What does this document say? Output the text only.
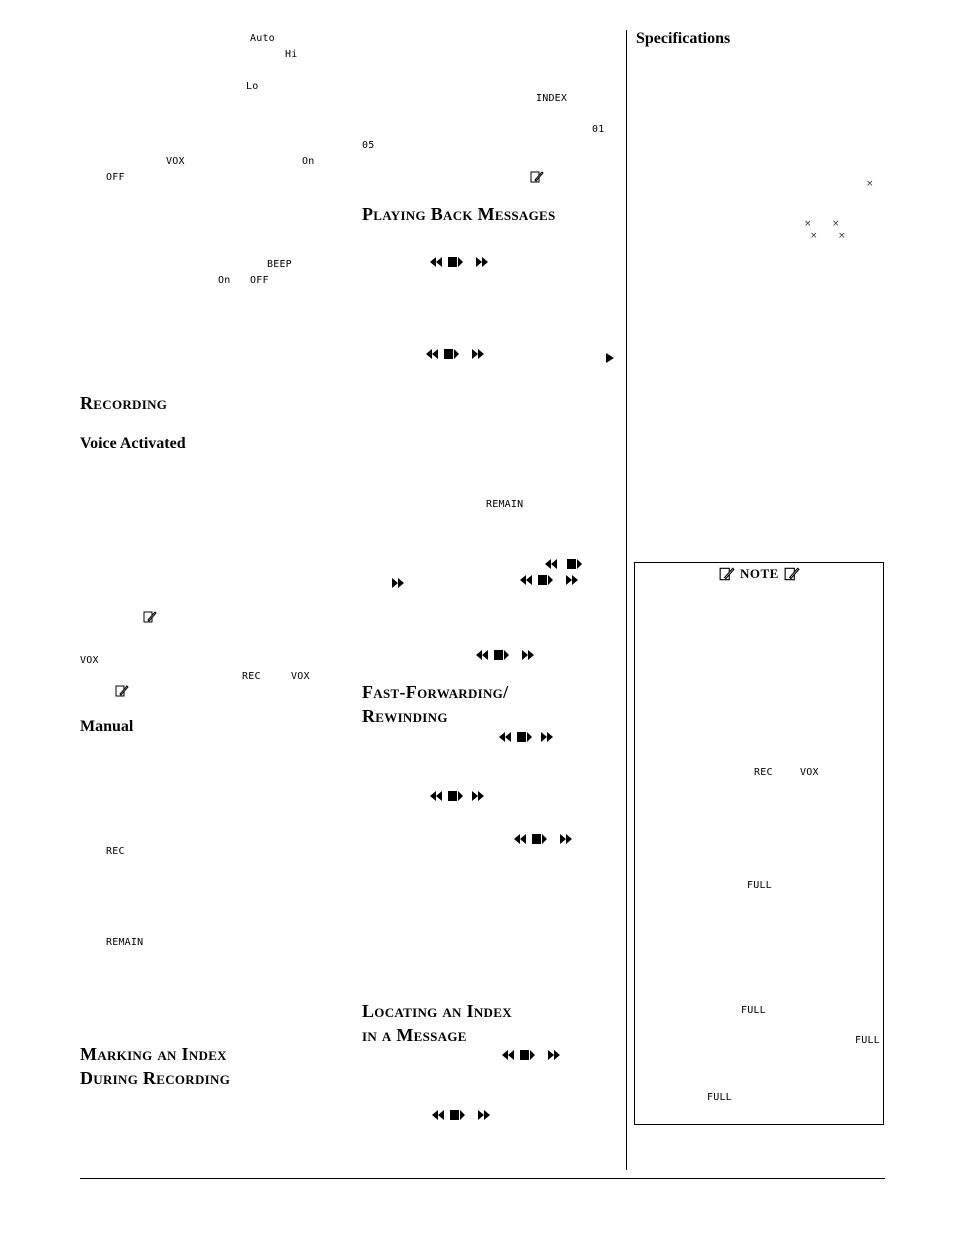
Auto
Hi
Lo
VOX	On
OFF
BEEP
On OFF
Recording
Voice Activated
VOX
REC	VOX
Manual
REC
REMAIN
Marking an Index
During Recording
INDEX
01
05
Playing Back Messages
REMAIN
Fast-Forwarding/
Rewinding
Locating an Index
in a Message
Specifications
×
× ×
× ×
NOTE
REC	VOX
FULL
FULL
FULL
FULL
